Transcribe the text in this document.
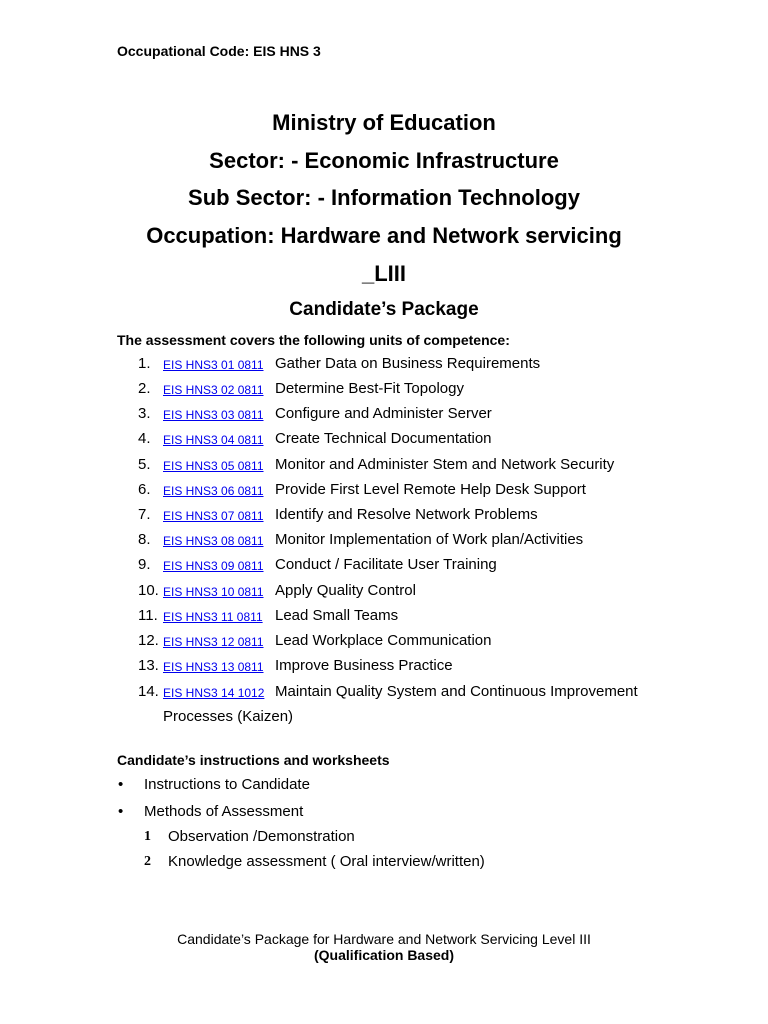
Occupational Code: EIS HNS 3
Ministry of Education
Sector: - Economic Infrastructure
Sub Sector: - Information Technology
Occupation: Hardware and Network servicing
_LIII
Candidate’s Package
The assessment covers the following units of competence:
1.	EIS HNS3 01 0811 Gather Data on Business Requirements
2.	EIS HNS3 02 0811 Determine Best-Fit Topology
3.	EIS HNS3 03 0811 Configure and Administer Server
4.	EIS HNS3 04 0811 Create Technical Documentation
5.	EIS HNS3 05 0811 Monitor and Administer Stem and Network Security
6.	EIS HNS3 06 0811 Provide First Level Remote Help Desk Support
7.	EIS HNS3 07 0811 Identify and Resolve Network Problems
8.	EIS HNS3 08 0811 Monitor Implementation of Work plan/Activities
9.	EIS HNS3 09 0811 Conduct / Facilitate User Training
10. EIS HNS3 10 0811 Apply Quality Control
11. EIS HNS3 11 0811 Lead Small Teams
12. EIS HNS3 12 0811 Lead Workplace Communication
13. EIS HNS3 13 0811 Improve Business Practice
14. EIS HNS3 14 1012 Maintain Quality System and Continuous Improvement
Processes (Kaizen)
Candidate’s instructions and worksheets
• Instructions to Candidate
• Methods of Assessment
1 Observation /Demonstration
2 Knowledge assessment ( Oral interview/written)
Candidate’s Package for Hardware and Network Servicing Level III
(Qualification Based)
